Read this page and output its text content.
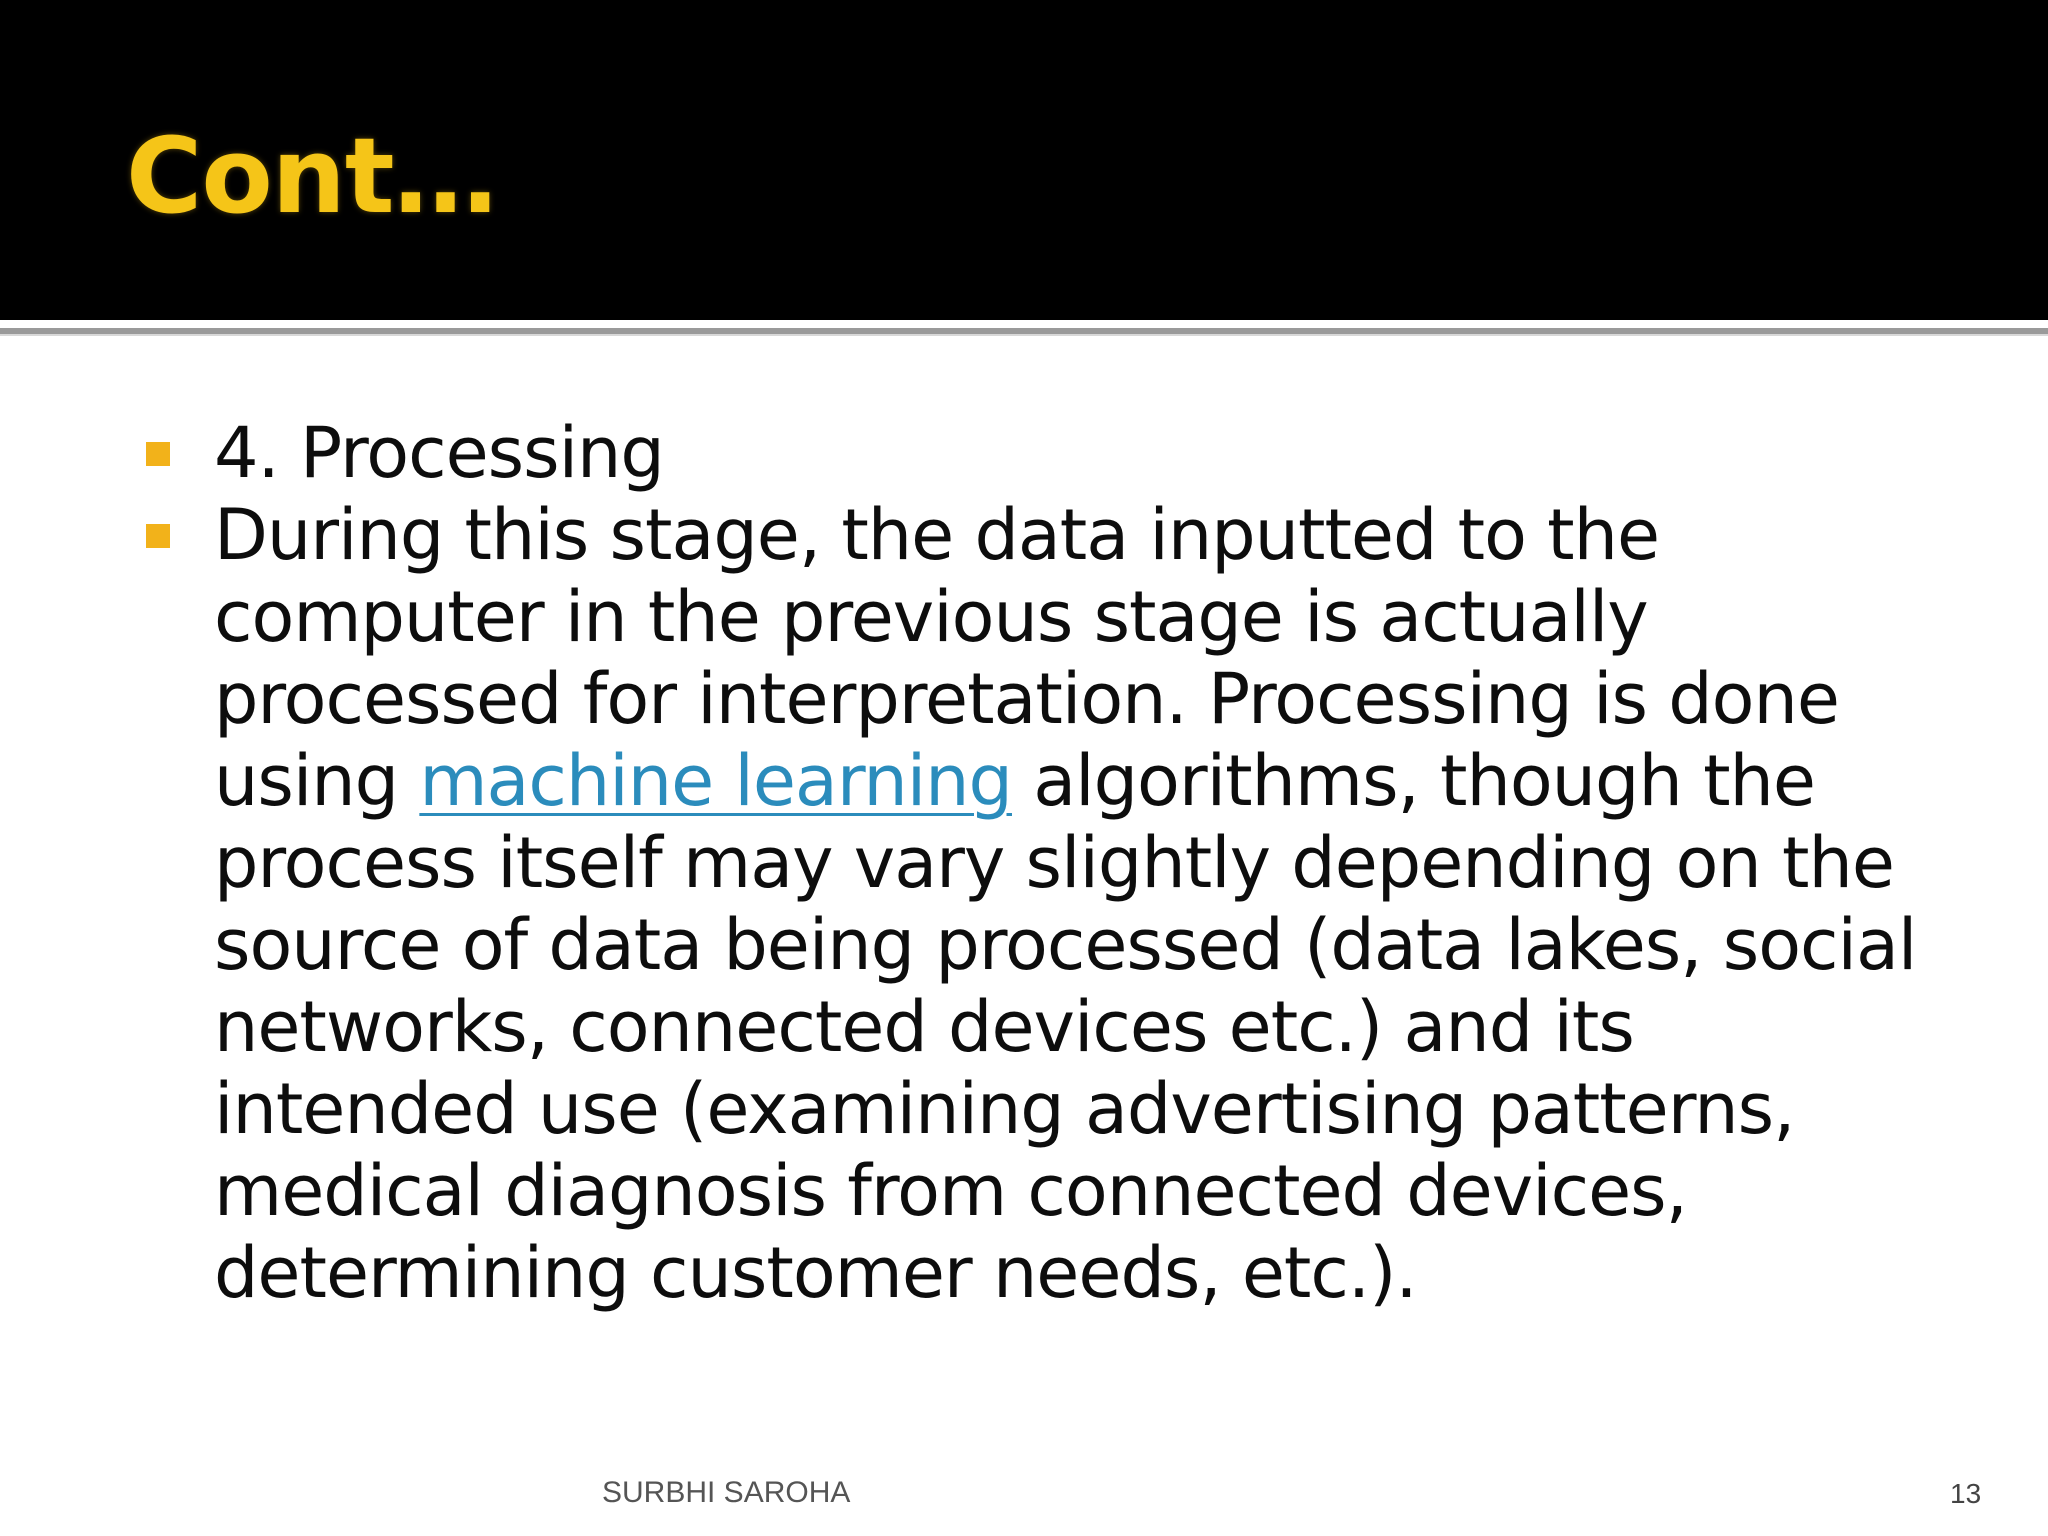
Cont…
4. Processing
During this stage, the data inputted to the computer in the previous stage is actually processed for interpretation. Processing is done using machine learning algorithms, though the process itself may vary slightly depending on the source of data being processed (data lakes, social networks, connected devices etc.) and its intended use (examining advertising patterns, medical diagnosis from connected devices, determining customer needs, etc.).
SURBHI SAROHA	13
